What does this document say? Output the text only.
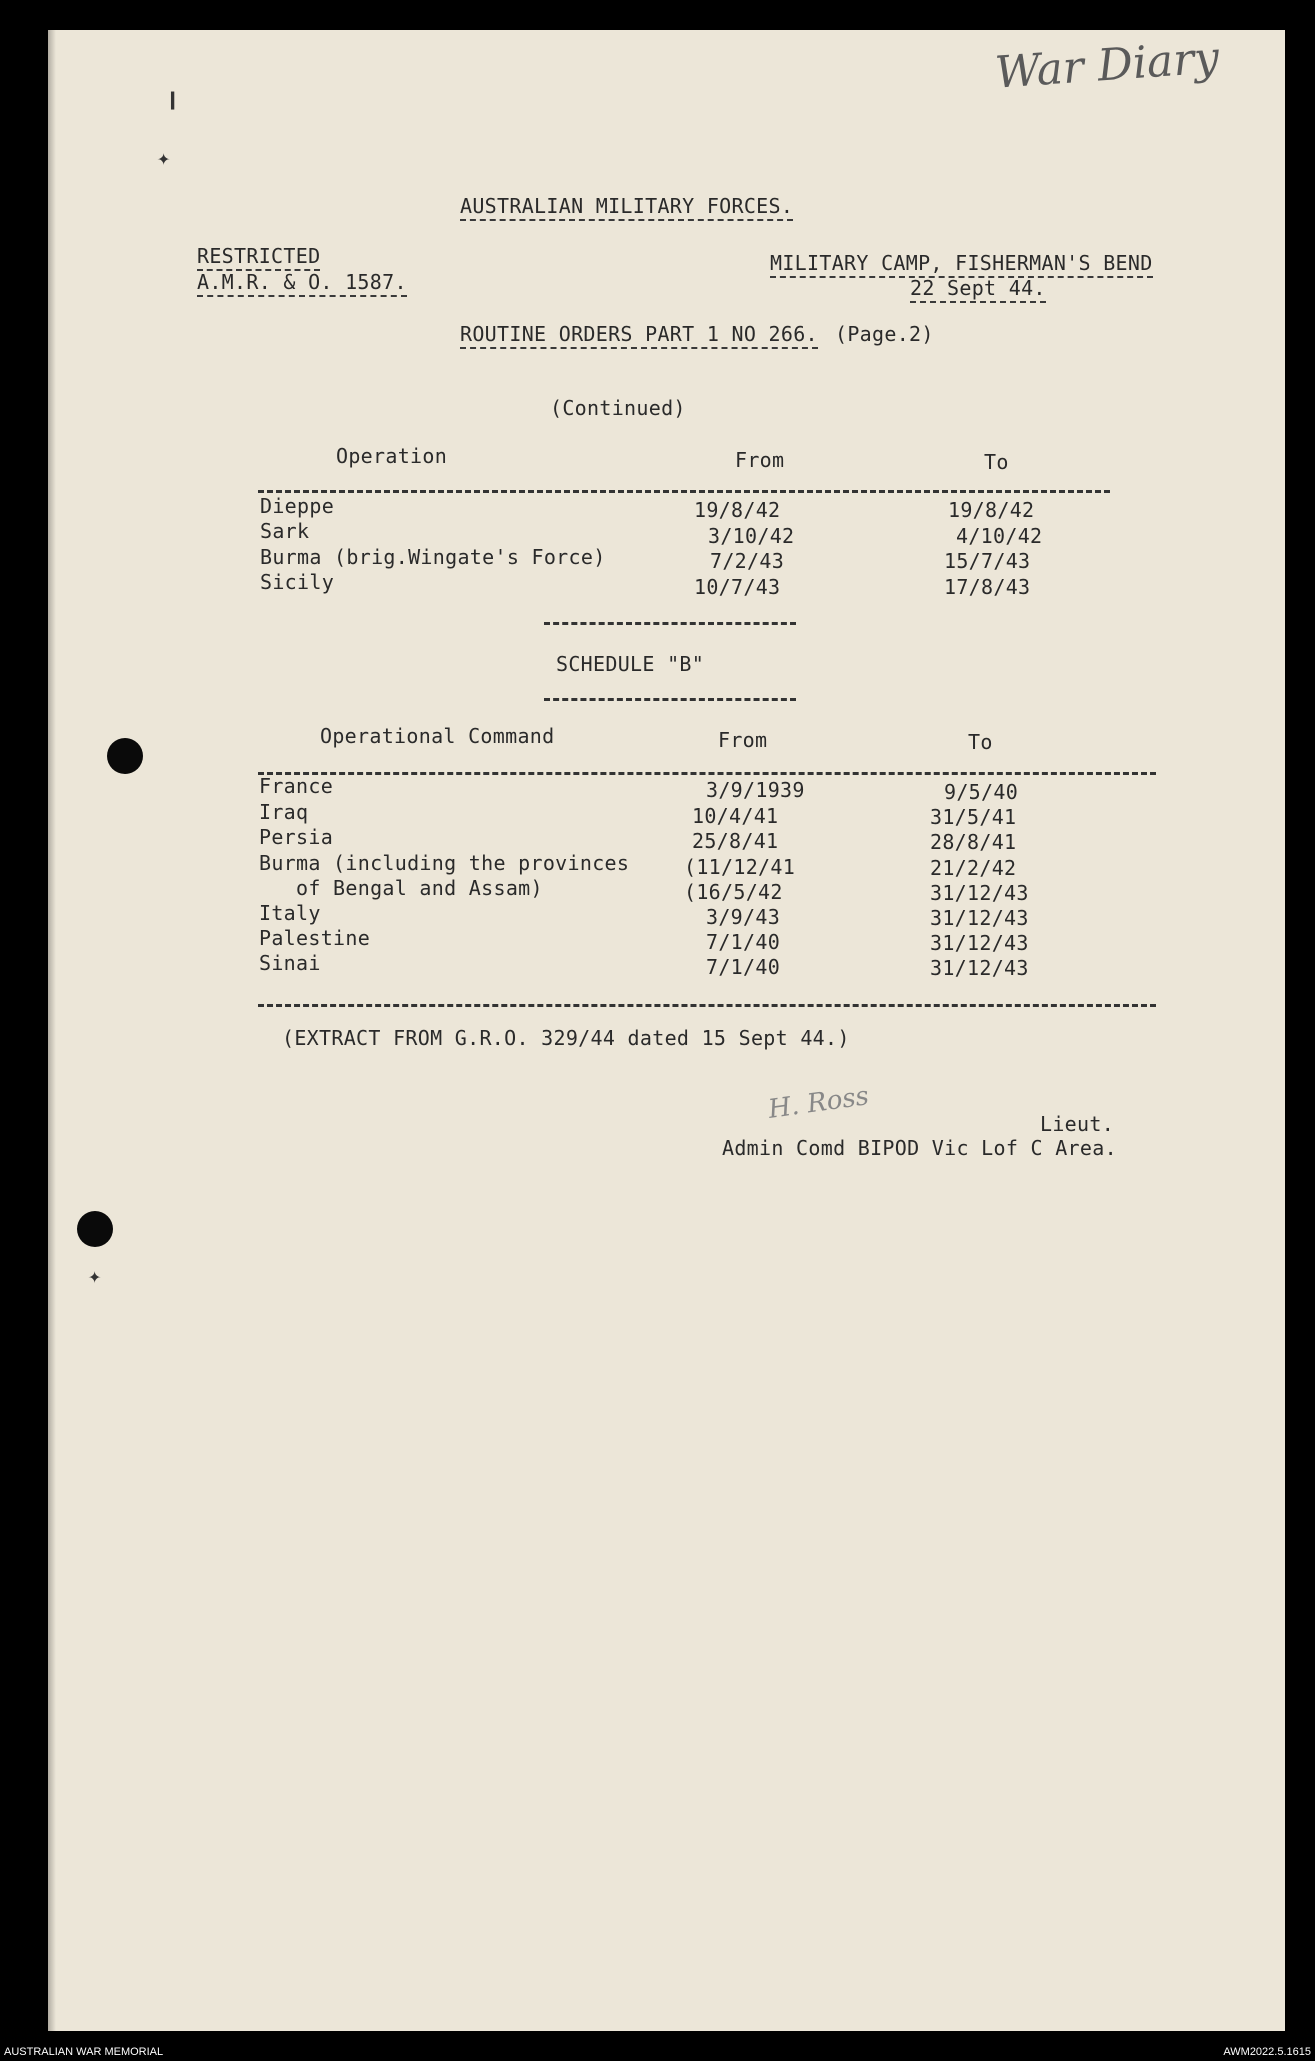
❙
✦
✦
War Diary
AUSTRALIAN MILITARY FORCES.
RESTRICTED
A.M.R. & O. 1587.
MILITARY CAMP, FISHERMAN'S BEND
22 Sept 44.
ROUTINE ORDERS PART 1 NO 266. (Page.2)
(Continued)
Operation	From	To
Dieppe	19/8/42	19/8/42
Sark	3/10/42	4/10/42
Burma (brig.Wingate's Force)	7/2/43	15/7/43
Sicily	10/7/43	17/8/43
SCHEDULE "B"
Operational Command	From	To
France	3/9/1939	9/5/40
Iraq	10/4/41	31/5/41
Persia	25/8/41	28/8/41
Burma (including the provinces	(11/12/41	21/2/42
of Bengal and Assam)	(16/5/42	31/12/43
Italy	3/9/43	31/12/43
Palestine	7/1/40	31/12/43
Sinai	7/1/40	31/12/43
(EXTRACT FROM G.R.O. 329/44 dated 15 Sept 44.)
H. Ross	Lieut.
Admin Comd BIPOD Vic Lof C Area.
AUSTRALIAN WAR MEMORIAL	AWM2022.5.1615
